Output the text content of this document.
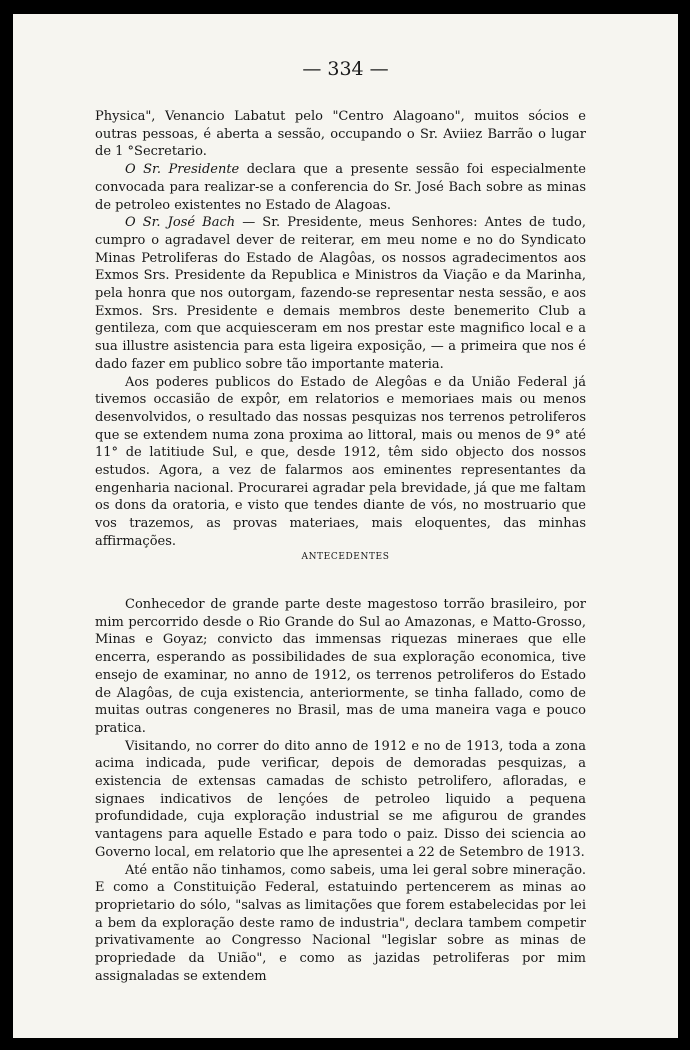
— 334 —

Physica", Venancio Labatut pelo "Centro Alagoano", muitos sócios e outras pessoas, é aberta a sessão, occupando o Sr. Aviiez Barrão o lugar de 1 °Secretario.

O Sr. Presidente declara que a presente sessão foi especialmente convocada para realizar-se a conferencia do Sr. José Bach sobre as minas de petroleo existentes no Estado de Alagoas.

O Sr. José Bach — Sr. Presidente, meus Senhores: Antes de tudo, cumpro o agradavel dever de reiterar, em meu nome e no do Syndicato Minas Petroliferas do Estado de Alagôas, os nossos agradecimentos aos Exmos Srs. Presidente da Republica e Ministros da Viação e da Marinha, pela honra que nos outorgam, fazendo-se representar nesta sessão, e aos Exmos. Srs. Presidente e demais membros deste benemerito Club a gentileza, com que acquiesceram em nos prestar este magnifico local e a sua illustre asistencia para esta ligeira exposição, — a primeira que nos é dado fazer em publico sobre tão importante materia.

Aos poderes publicos do Estado de Alegôas e da União Federal já tivemos occasião de expôr, em relatorios e memoriaes mais ou menos desenvolvidos, o resultado das nossas pesquizas nos terrenos petroliferos que se extendem numa zona proxima ao littoral, mais ou menos de 9° até 11° de latitiude Sul, e que, desde 1912, têm sido objecto dos nossos estudos. Agora, a vez de falarmos aos eminentes representantes da engenharia nacional. Procurarei agradar pela brevidade, já que me faltam os dons da oratoria, e visto que tendes diante de vós, no mostruario que vos trazemos, as provas materiaes, mais eloquentes, das minhas affirmações.

ANTECEDENTES

Conhecedor de grande parte deste magestoso torrão brasileiro, por mim percorrido desde o Rio Grande do Sul ao Amazonas, e Matto-Grosso, Minas e Goyaz; convicto das immensas riquezas mineraes que elle encerra, esperando as possibilidades de sua exploração economica, tive ensejo de examinar, no anno de 1912, os terrenos petroliferos do Estado de Alagôas, de cuja existencia, anteriormente, se tinha fallado, como de muitas outras congeneres no Brasil, mas de uma maneira vaga e pouco pratica.

Visitando, no correr do dito anno de 1912 e no de 1913, toda a zona acima indicada, pude verificar, depois de demoradas pesquizas, a existencia de extensas camadas de schisto petrolifero, afloradas, e signaes indicativos de lençóes de petroleo liquido a pequena profundidade, cuja exploração industrial se me afigurou de grandes vantagens para aquelle Estado e para todo o paiz. Disso dei sciencia ao Governo local, em relatorio que lhe apresentei a 22 de Setembro de 1913.

Até então não tinhamos, como sabeis, uma lei geral sobre mineração. E como a Constituição Federal, estatuindo pertencerem as minas ao proprietario do sólo, "salvas as limitações que forem estabelecidas por lei a bem da exploração deste ramo de industria", declara tambem competir privativamente ao Congresso Nacional "legislar sobre as minas de propriedade da União", e como as jazidas petroliferas por mim assignaladas se extendem
